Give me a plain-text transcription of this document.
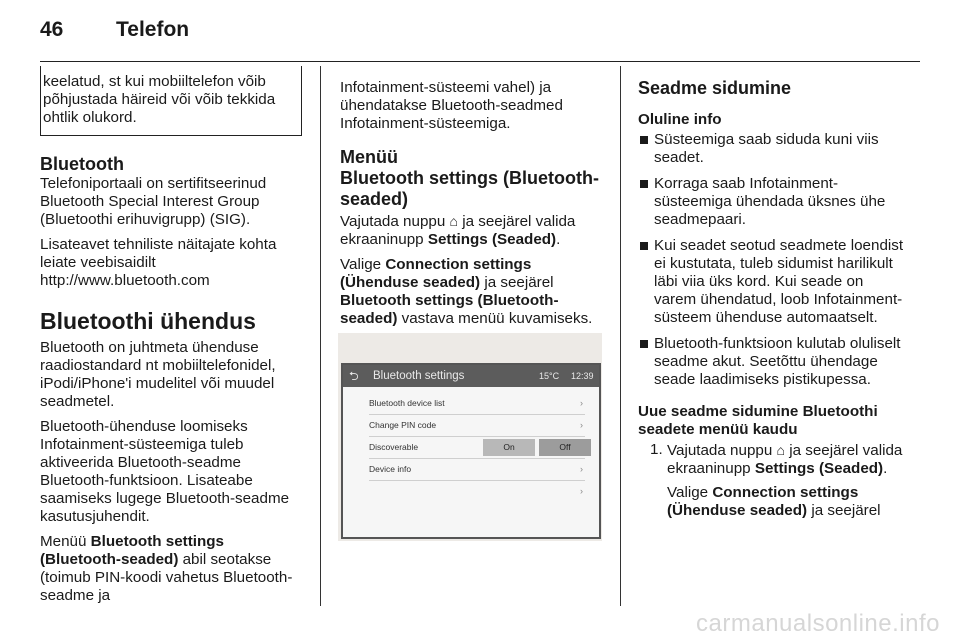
46	Telefon
keelatud, st kui mobiiltelefon võib põhjustada häireid või võib tekkida ohtlik olukord.
Bluetooth

Telefoniportaali on sertifitseerinud Bluetooth Special Interest Group (Bluetoothi erihuvigrupp) (SIG).

Lisateavet tehniliste näitajate kohta leiate veebisaidilt http://www.bluetooth.com

Bluetoothi ühendus

Bluetooth on juhtmeta ühenduse raadiostandard nt mobiiltelefonidel, iPodi/iPhone'i mudelitel või muudel seadmetel.

Bluetooth-ühenduse loomiseks Infotainment-süsteemiga tuleb aktiveerida Bluetooth-seadme Bluetooth-funktsioon. Lisateabe saamiseks lugege Bluetooth-seadme kasutusjuhendit.

Menüü Bluetooth settings (Bluetooth-seaded) abil seotakse (toimub PIN-koodi vahetus Bluetooth-seadme ja

Infotainment-süsteemi vahel) ja ühendatakse Bluetooth-seadmed Infotainment-süsteemiga.

Menüü
Bluetooth settings (Bluetooth-seaded)

Vajutada nuppu ⌂ ja seejärel valida ekraaninupp Settings (Seaded).

Valige Connection settings (Ühenduse seaded) ja seejärel Bluetooth settings (Bluetooth-seaded) vastava menüü kuvamiseks.

⮌ Bluetooth settings	15°C 12:39
Bluetooth device list	›
Change PIN code	›
Discoverable	On	Off
Device info	›
›
Seadme sidumine
Oluline info
Süsteemiga saab siduda kuni viis seadet.
Korraga saab Infotainment-süsteemiga ühendada üksnes ühe seadmepaari.
Kui seadet seotud seadmete loendist ei kustutata, tuleb sidumist harilikult läbi viia üks kord. Kui seade on varem ühendatud, loob Infotainment-süsteem ühenduse automaatselt.
Bluetooth-funktsioon kulutab oluliselt seadme akut. Seetõttu ühendage seade laadimiseks pistikupessa.
Uue seadme sidumine Bluetoothi seadete menüü kaudu
1. Vajutada nuppu ⌂ ja seejärel valida ekraaninupp Settings (Seaded).
Valige Connection settings (Ühenduse seaded) ja seejärel
carmanualsonline.info
